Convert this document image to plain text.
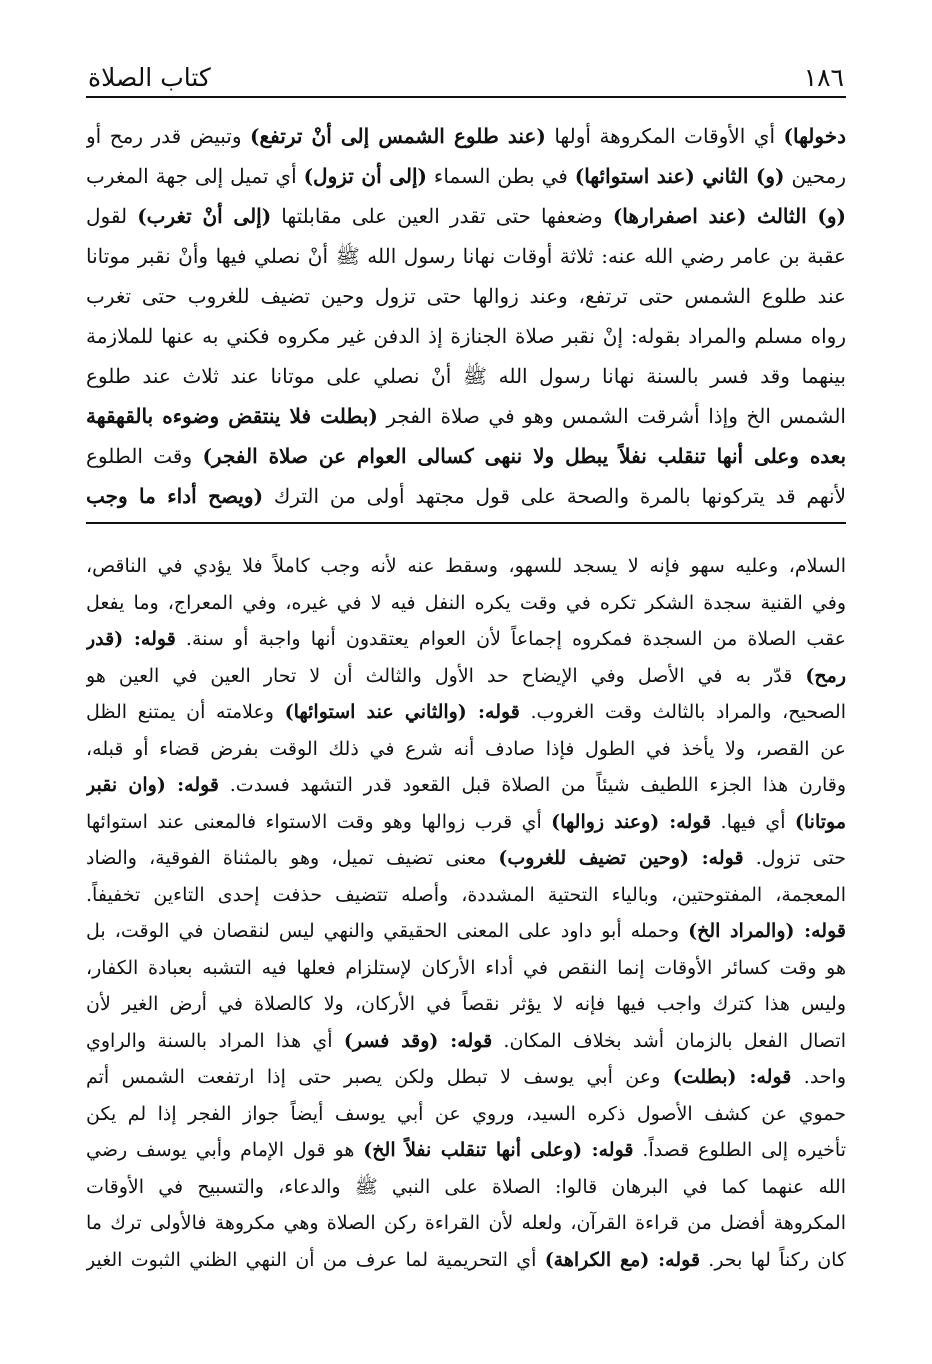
١٨٦
كتاب الصلاة
دخولها) أي الأوقات المكروهة أولها (عند طلوع الشمس إلى أنْ ترتفع) وتبيض قدر رمح أو
رمحين (و) الثاني (عند استوائها) في بطن السماء (إلى أن تزول) أي تميل إلى جهة المغرب
(و) الثالث (عند اصفرارها) وضعفها حتى تقدر العين على مقابلتها (إلى أنْ تغرب) لقول
عقبة بن عامر رضي الله عنه: ثلاثة أوقات نهانا رسول الله ﷺ أنْ نصلي فيها وأنْ نقبر موتانا
عند طلوع الشمس حتى ترتفع، وعند زوالها حتى تزول وحين تضيف للغروب حتى تغرب
رواه مسلم والمراد بقوله: إنْ نقبر صلاة الجنازة إذ الدفن غير مكروه فكني به عنها للملازمة
بينهما وقد فسر بالسنة نهانا رسول الله ﷺ أنْ نصلي على موتانا عند ثلاث عند طلوع
الشمس الخ وإذا أشرقت الشمس وهو في صلاة الفجر (بطلت فلا ينتقض وضوءه بالقهقهة
بعده وعلى أنها تنقلب نفلاً يبطل ولا ننهى كسالى العوام عن صلاة الفجر) وقت الطلوع
لأنهم قد يتركونها بالمرة والصحة على قول مجتهد أولى من الترك (ويصح أداء ما وجب
السلام، وعليه سهو فإنه لا يسجد للسهو، وسقط عنه لأنه وجب كاملاً فلا يؤدي في الناقص،
وفي القنية سجدة الشكر تكره في وقت يكره النفل فيه لا في غيره، وفي المعراج، وما يفعل
عقب الصلاة من السجدة فمكروه إجماعاً لأن العوام يعتقدون أنها واجبة أو سنة. قوله: (قدر
رمح) قدّر به في الأصل وفي الإيضاح حد الأول والثالث أن لا تحار العين في العين هو
الصحيح، والمراد بالثالث وقت الغروب. قوله: (والثاني عند استوائها) وعلامته أن يمتنع الظل
عن القصر، ولا يأخذ في الطول فإذا صادف أنه شرع في ذلك الوقت بفرض قضاء أو قبله،
وقارن هذا الجزء اللطيف شيئاً من الصلاة قبل القعود قدر التشهد فسدت. قوله: (وان نقبر
موتانا) أي فيها. قوله: (وعند زوالها) أي قرب زوالها وهو وقت الاستواء فالمعنى عند استوائها
حتى تزول. قوله: (وحين تضيف للغروب) معنى تضيف تميل، وهو بالمثناة الفوقية، والضاد
المعجمة، المفتوحتين، وبالياء التحتية المشددة، وأصله تتضيف حذفت إحدى التاءين تخفيفاً.
قوله: (والمراد الخ) وحمله أبو داود على المعنى الحقيقي والنهي ليس لنقصان في الوقت، بل
هو وقت كسائر الأوقات إنما النقص في أداء الأركان لإستلزام فعلها فيه التشبه بعبادة الكفار،
وليس هذا كترك واجب فيها فإنه لا يؤثر نقصاً في الأركان، ولا كالصلاة في أرض الغير لأن
اتصال الفعل بالزمان أشد بخلاف المكان. قوله: (وقد فسر) أي هذا المراد بالسنة والراوي
واحد. قوله: (بطلت) وعن أبي يوسف لا تبطل ولكن يصبر حتى إذا ارتفعت الشمس أتم
حموي عن كشف الأصول ذكره السيد، وروي عن أبي يوسف أيضاً جواز الفجر إذا لم يكن
تأخيره إلى الطلوع قصداً. قوله: (وعلى أنها تنقلب نفلاً الخ) هو قول الإمام وأبي يوسف رضي
الله عنهما كما في البرهان قالوا: الصلاة على النبي ﷺ والدعاء، والتسبيح في الأوقات
المكروهة أفضل من قراءة القرآن، ولعله لأن القراءة ركن الصلاة وهي مكروهة فالأولى ترك ما
كان ركناً لها بحر. قوله: (مع الكراهة) أي التحريمية لما عرف من أن النهي الظني الثبوت الغير
